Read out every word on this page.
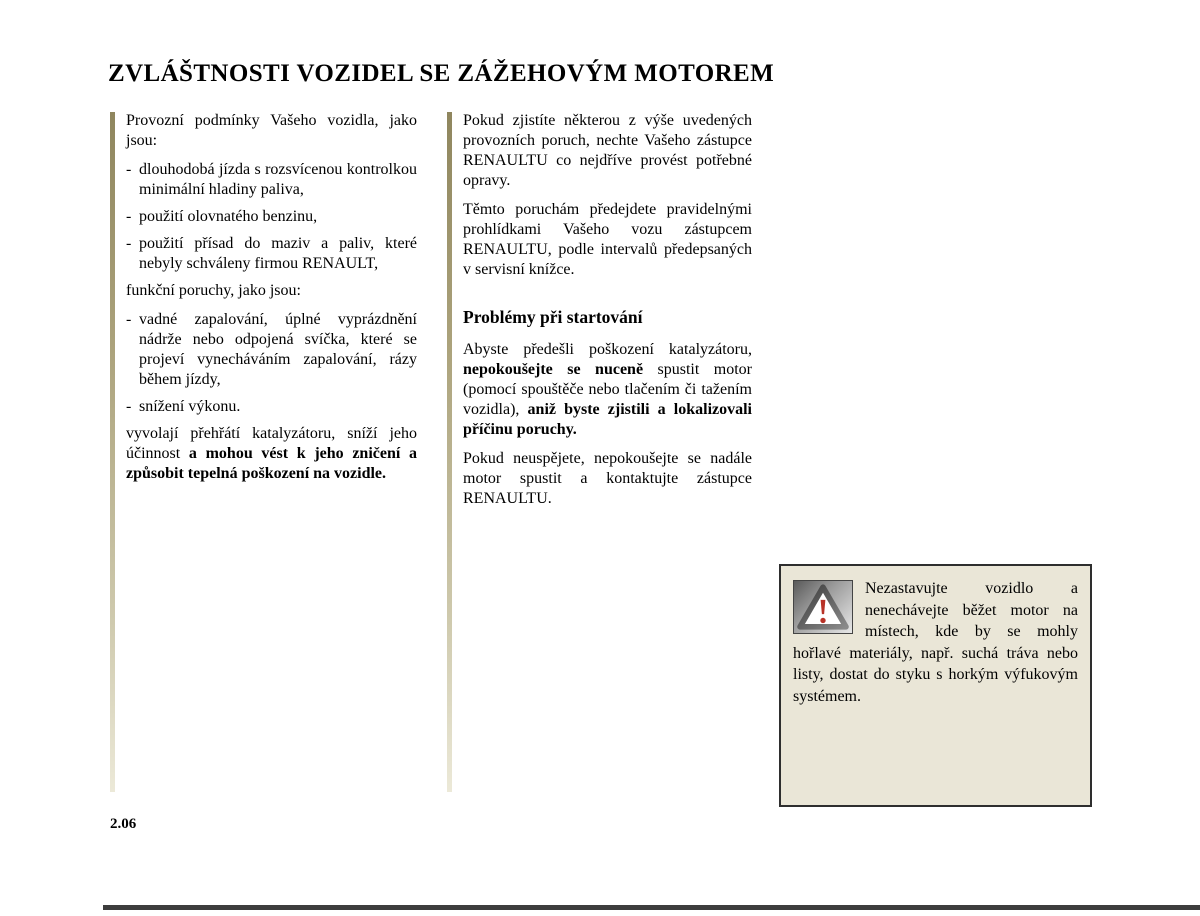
ZVLÁŠTNOSTI VOZIDEL SE ZÁŽEHOVÝM MOTOREM

Provozní podmínky Vašeho vozidla, jako jsou:

- dlouhodobá jízda s rozsvícenou kontrolkou minimální hladiny paliva,
- použití olovnatého benzinu,
- použití přísad do maziv a paliv, které nebyly schváleny firmou RENAULT,

funkční poruchy, jako jsou:

- vadné zapalování, úplné vyprázdnění nádrže nebo odpojená svíčka, které se projeví vynecháváním zapalování, rázy během jízdy,
- snížení výkonu.

vyvolají přehřátí katalyzátoru, sníží jeho účinnost a mohou vést k jeho zničení a způsobit tepelná poškození na vozidle.

Pokud zjistíte některou z výše uvedených provozních poruch, nechte Vašeho zástupce RENAULTU co nejdříve provést potřebné opravy.

Těmto poruchám předejdete pravidelnými prohlídkami Vašeho vozu zástupcem RENAULTU, podle intervalů předepsaných v servisní knížce.

Problémy při startování

Abyste předešli poškození katalyzátoru, nepokoušejte se nuceně spustit motor (pomocí spouštěče nebo tlačením či tažením vozidla), aniž byste zjistili a lokalizovali příčinu poruchy.

Pokud neuspějete, nepokoušejte se nadále motor spustit a kontaktujte zástupce RENAULTU.

Nezastavujte vozidlo a nenechávejte běžet motor na místech, kde by se mohly hořlavé materiály, např. suchá tráva nebo listy, dostat do styku s horkým výfukovým systémem.
2.06
